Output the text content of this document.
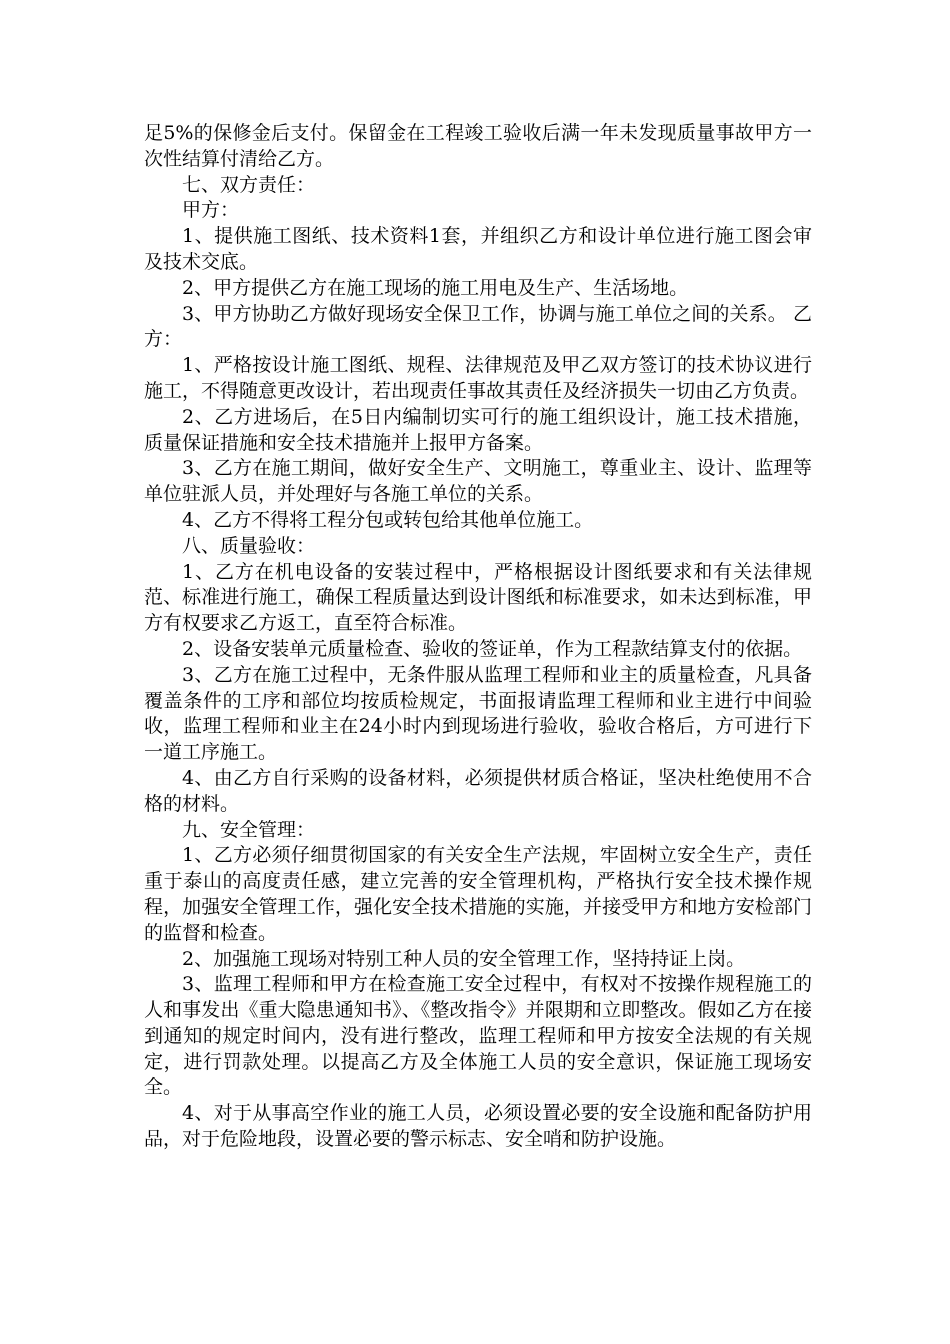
足5%的保修金后支付。保留金在工程竣工验收后满一年未发现质量事故甲方一次性结算付清给乙方。

七、双方责任：

甲方：

1、提供施工图纸、技术资料1套，并组织乙方和设计单位进行施工图会审及技术交底。

2、甲方提供乙方在施工现场的施工用电及生产、生活场地。

3、甲方协助乙方做好现场安全保卫工作，协调与施工单位之间的关系。 乙方：

1、严格按设计施工图纸、规程、法律规范及甲乙双方签订的技术协议进行施工，不得随意更改设计，若出现责任事故其责任及经济损失一切由乙方负责。

2、乙方进场后，在5日内编制切实可行的施工组织设计，施工技术措施，质量保证措施和安全技术措施并上报甲方备案。

3、乙方在施工期间，做好安全生产、文明施工，尊重业主、设计、监理等单位驻派人员，并处理好与各施工单位的关系。

4、乙方不得将工程分包或转包给其他单位施工。

八、质量验收：

1、乙方在机电设备的安装过程中，严格根据设计图纸要求和有关法律规范、标准进行施工，确保工程质量达到设计图纸和标准要求，如未达到标准，甲方有权要求乙方返工，直至符合标准。

2、设备安装单元质量检查、验收的签证单，作为工程款结算支付的依据。

3、乙方在施工过程中，无条件服从监理工程师和业主的质量检查，凡具备覆盖条件的工序和部位均按质检规定，书面报请监理工程师和业主进行中间验收，监理工程师和业主在24小时内到现场进行验收，验收合格后，方可进行下一道工序施工。

4、由乙方自行采购的设备材料，必须提供材质合格证，坚决杜绝使用不合格的材料。

九、安全管理：

1、乙方必须仔细贯彻国家的有关安全生产法规，牢固树立安全生产，责任重于泰山的高度责任感，建立完善的安全管理机构，严格执行安全技术操作规程，加强安全管理工作，强化安全技术措施的实施，并接受甲方和地方安检部门的监督和检查。

2、加强施工现场对特别工种人员的安全管理工作，坚持持证上岗。

3、监理工程师和甲方在检查施工安全过程中，有权对不按操作规程施工的人和事发出《重大隐患通知书》、《整改指令》并限期和立即整改。假如乙方在接到通知的规定时间内，没有进行整改，监理工程师和甲方按安全法规的有关规定，进行罚款处理。以提高乙方及全体施工人员的安全意识，保证施工现场安全。

4、对于从事高空作业的施工人员，必须设置必要的安全设施和配备防护用品，对于危险地段，设置必要的警示标志、安全哨和防护设施。
